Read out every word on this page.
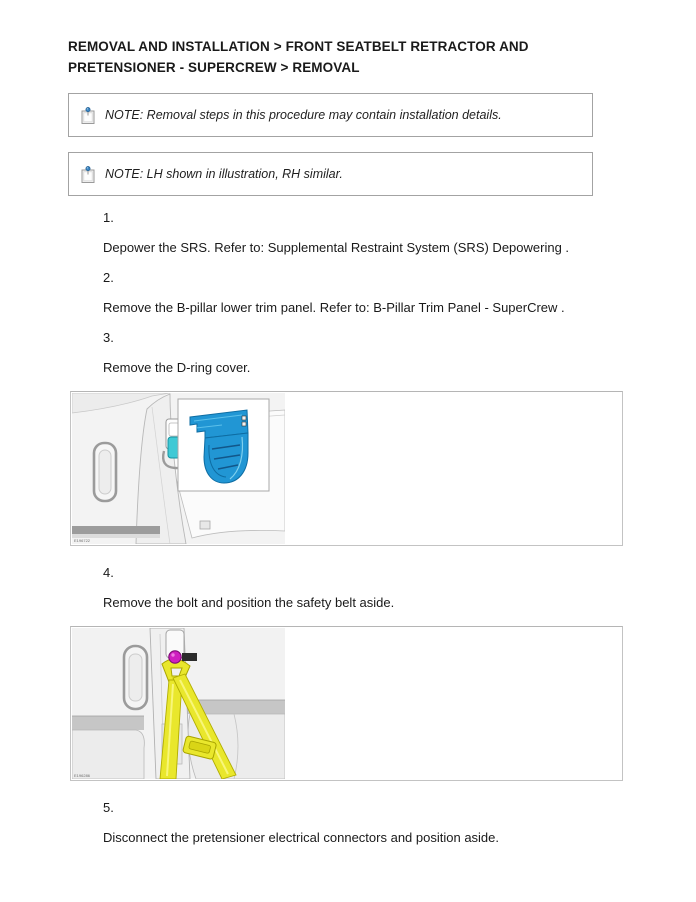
REMOVAL AND INSTALLATION > FRONT SEATBELT RETRACTOR AND PRETENSIONER - SUPERCREW > REMOVAL
NOTE: Removal steps in this procedure may contain installation details.
NOTE: LH shown in illustration, RH similar.

1.

Depower the SRS. Refer to: Supplemental Restraint System (SRS) Depowering .

2.

Remove the B-pillar lower trim panel. Refer to: B-Pillar Trim Panel - SuperCrew .

3.

Remove the D-ring cover.

E196722

4.

Remove the bolt and position the safety belt aside.

E196286

5.

Disconnect the pretensioner electrical connectors and position aside.
